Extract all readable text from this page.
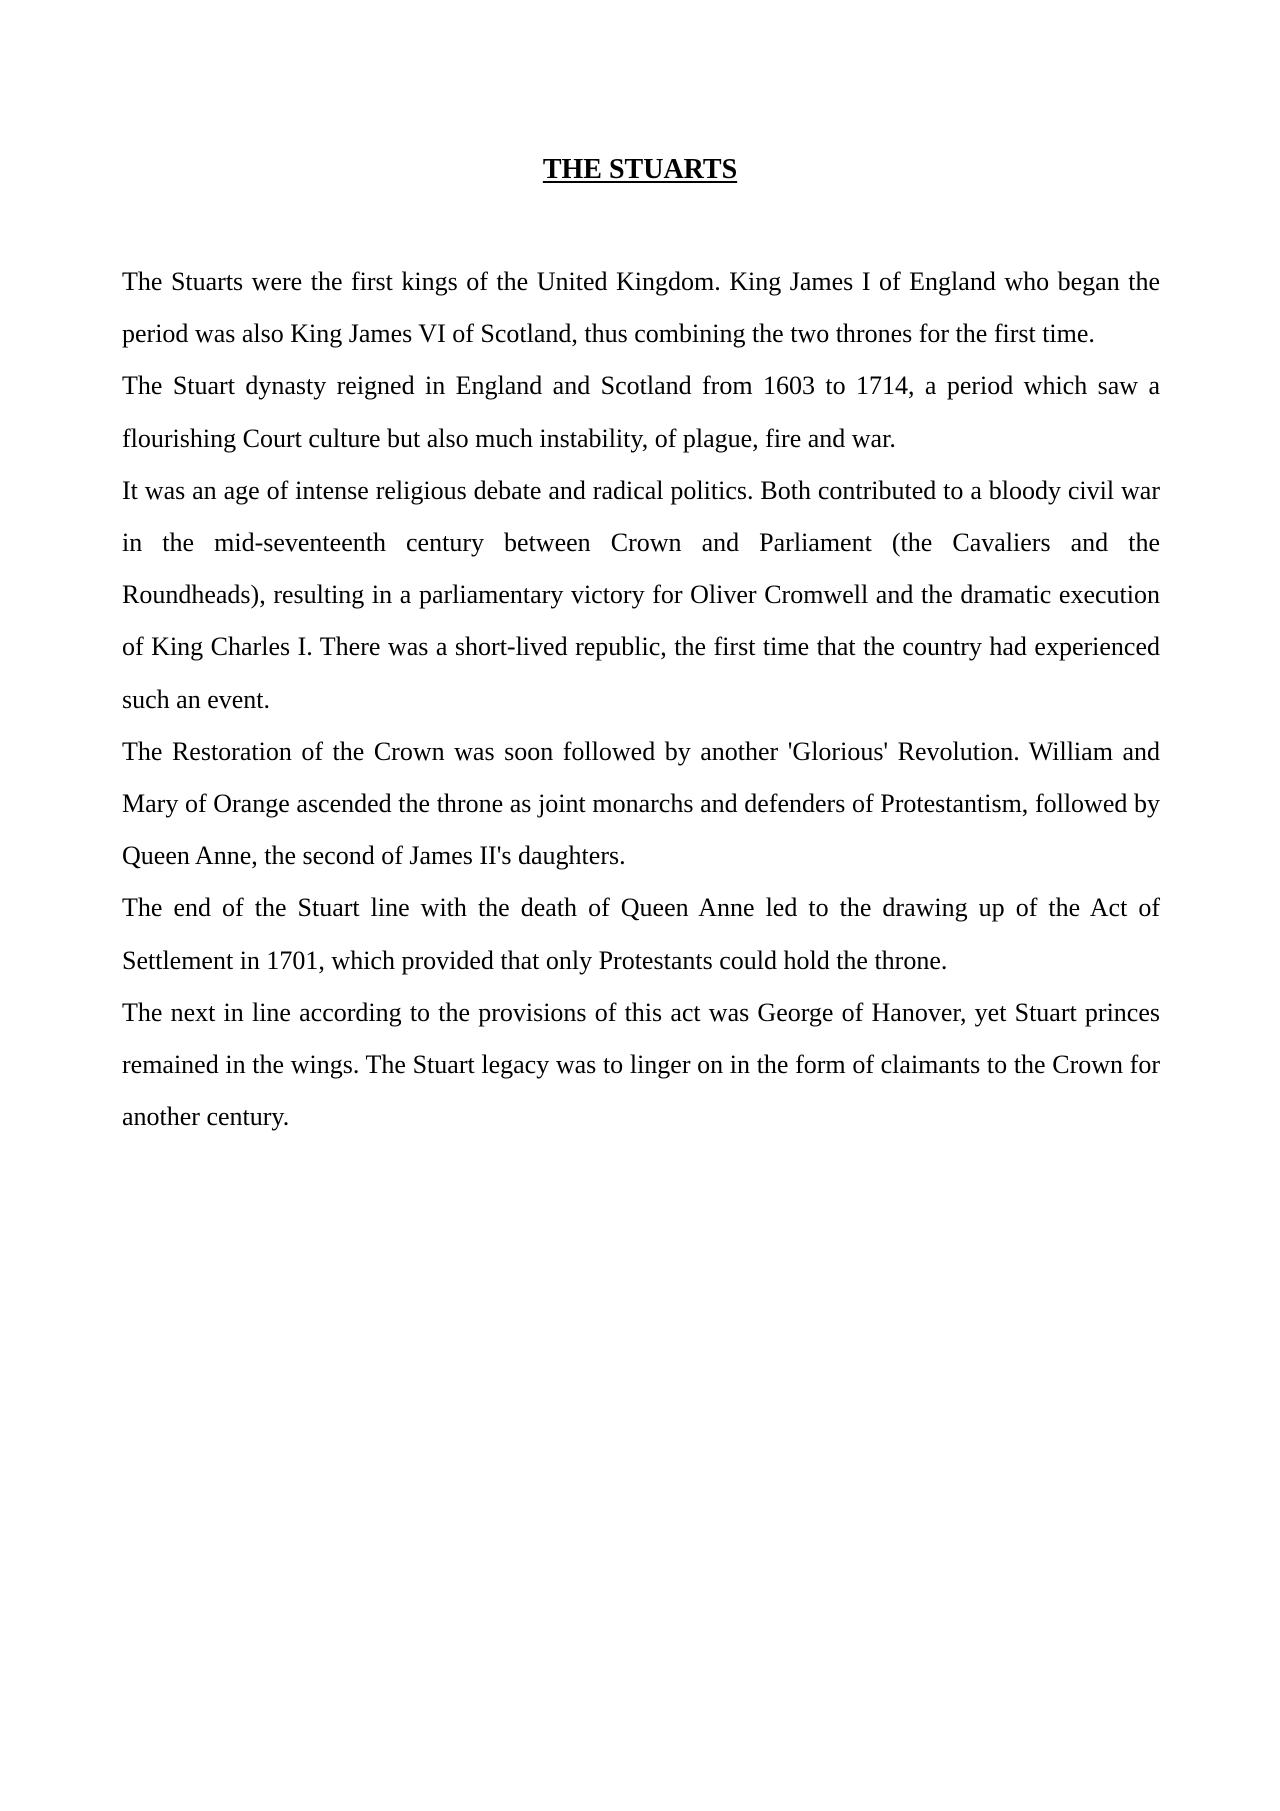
THE STUARTS

The Stuarts were the first kings of the United Kingdom. King James I of England who began the period was also King James VI of Scotland, thus combining the two thrones for the first time.

The Stuart dynasty reigned in England and Scotland from 1603 to 1714, a period which saw a flourishing Court culture but also much instability, of plague, fire and war.

It was an age of intense religious debate and radical politics. Both contributed to a bloody civil war in the mid-seventeenth century between Crown and Parliament (the Cavaliers and the Roundheads), resulting in a parliamentary victory for Oliver Cromwell and the dramatic execution of King Charles I. There was a short-lived republic, the first time that the country had experienced such an event.

The Restoration of the Crown was soon followed by another 'Glorious' Revolution. William and Mary of Orange ascended the throne as joint monarchs and defenders of Protestantism, followed by Queen Anne, the second of James II's daughters.

The end of the Stuart line with the death of Queen Anne led to the drawing up of the Act of Settlement in 1701, which provided that only Protestants could hold the throne.

The next in line according to the provisions of this act was George of Hanover, yet Stuart princes remained in the wings. The Stuart legacy was to linger on in the form of claimants to the Crown for another century.
